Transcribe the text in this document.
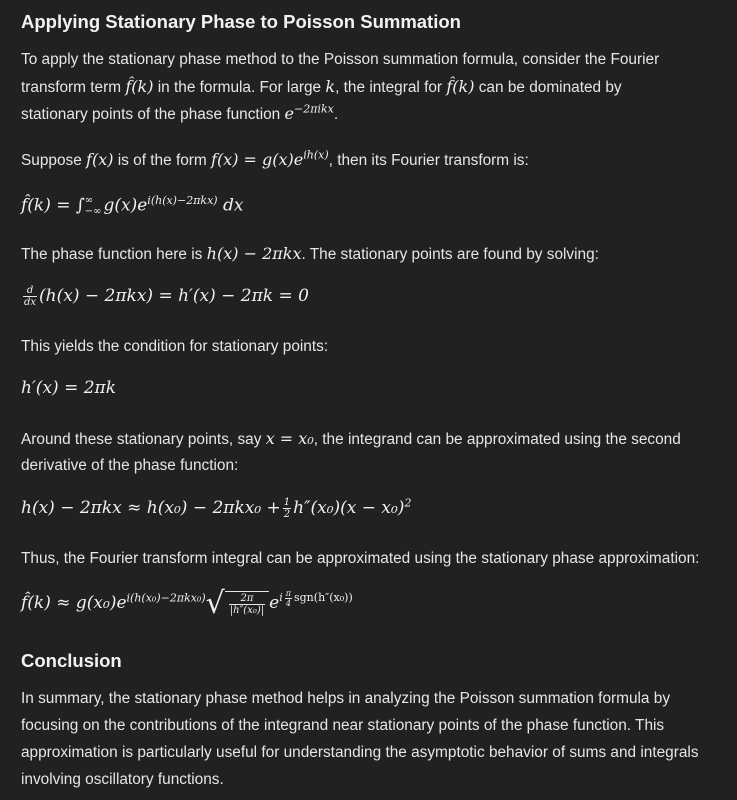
Applying Stationary Phase to Poisson Summation
To apply the stationary phase method to the Poisson summation formula, consider the Fourier
transform term f̂(k) in the formula. For large k, the integral for f̂(k) can be dominated by
stationary points of the phase function $e^{-2\pi ikx}$.
Suppose f(x) is of the form $f(x) = g(x)e^{ih(x)}$, then its Fourier transform is:
f̂(k) = ∫ ∞
−∞ $g(x)e^{i(h(x)-2\pi kx)}$ dx
The phase function here is h(x) − 2πkx. The stationary points are found by solving:
$\frac{d}{dx} (h(x) - 2\pi kx) = h'(x) - 2\pi k = 0$
This yields the condition for stationary points:
h′(x) = 2πk
Around these stationary points, say x = x₀, the integrand can be approximated using the second
derivative of the phase function:
$h(x) - 2\pi kx \approx h(x_0) - 2\pi kx_0 + \frac{1}{2} h''(x_0)(x - x_0)^2$
Thus, the Fourier transform integral can be approximated using the stationary phase approximation:
f̂(k) ≈ $g(x_0)e^{i(h(x_0)-2\pi kx_0)}√ \frac{2\pi}{\text{|h″(x₀)|}} e^{i \frac{\pi}{4} sgn(h''(x_0))}$
Conclusion
In summary, the stationary phase method helps in analyzing the Poisson summation formula by
focusing on the contributions of the integrand near stationary points of the phase function. This
approximation is particularly useful for understanding the asymptotic behavior of sums and integrals
involving oscillatory functions.
